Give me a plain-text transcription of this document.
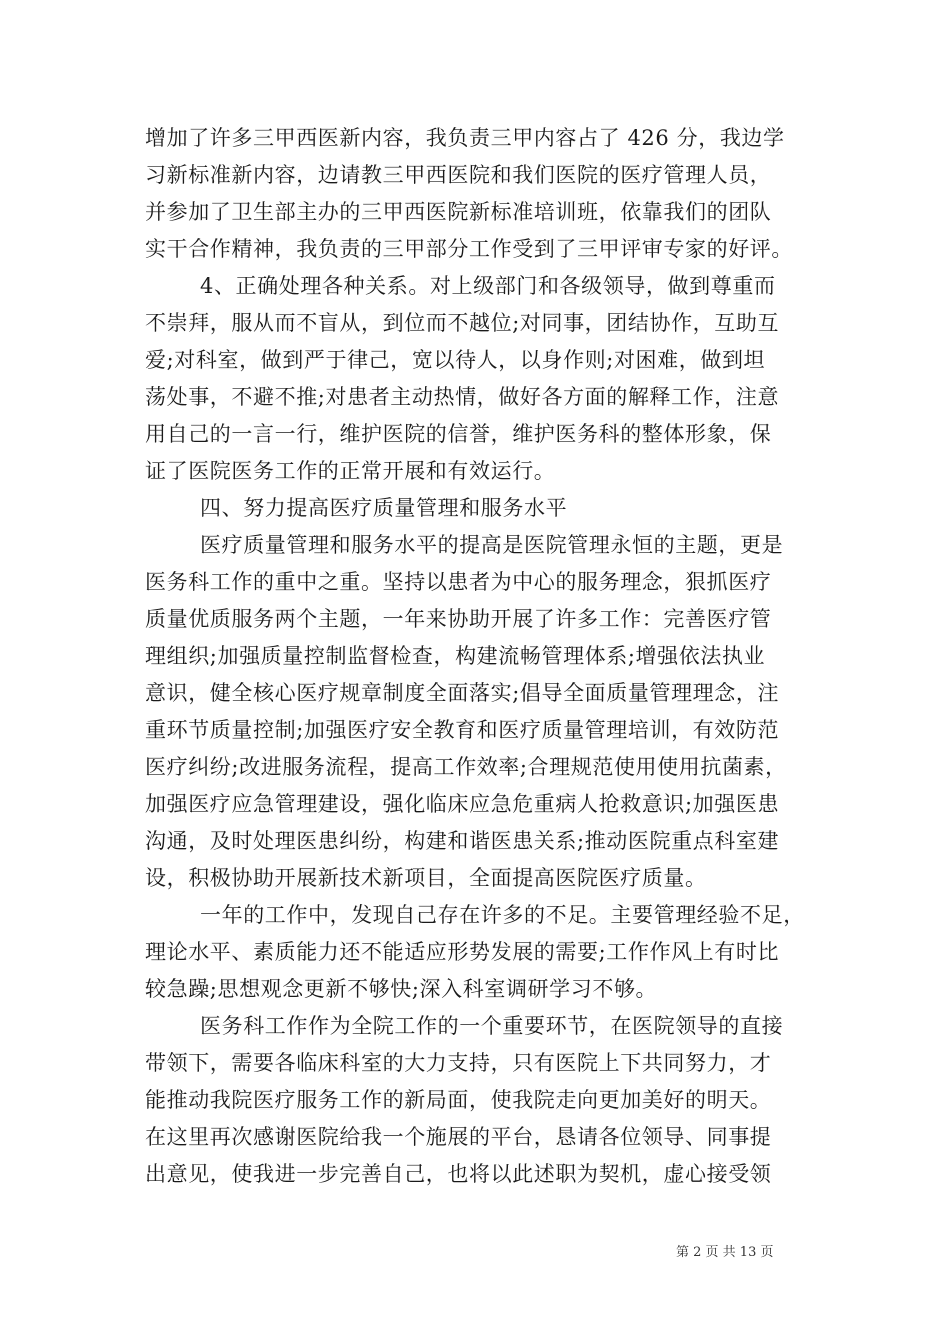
增加了许多三甲西医新内容，我负责三甲内容占了 426 分，我边学
习新标准新内容，边请教三甲西医院和我们医院的医疗管理人员，
并参加了卫生部主办的三甲西医院新标准培训班，依靠我们的团队
实干合作精神，我负责的三甲部分工作受到了三甲评审专家的好评。
4、正确处理各种关系。对上级部门和各级领导，做到尊重而
不崇拜，服从而不盲从，到位而不越位;对同事，团结协作，互助互
爱;对科室，做到严于律己，宽以待人，以身作则;对困难，做到坦
荡处事，不避不推;对患者主动热情，做好各方面的解释工作，注意
用自己的一言一行，维护医院的信誉，维护医务科的整体形象，保
证了医院医务工作的正常开展和有效运行。
四、努力提高医疗质量管理和服务水平
医疗质量管理和服务水平的提高是医院管理永恒的主题，更是
医务科工作的重中之重。坚持以患者为中心的服务理念，狠抓医疗
质量优质服务两个主题，一年来协助开展了许多工作：完善医疗管
理组织;加强质量控制监督检查，构建流畅管理体系;增强依法执业
意识，健全核心医疗规章制度全面落实;倡导全面质量管理理念，注
重环节质量控制;加强医疗安全教育和医疗质量管理培训，有效防范
医疗纠纷;改进服务流程，提高工作效率;合理规范使用使用抗菌素，
加强医疗应急管理建设，强化临床应急危重病人抢救意识;加强医患
沟通，及时处理医患纠纷，构建和谐医患关系;推动医院重点科室建
设，积极协助开展新技术新项目，全面提高医院医疗质量。
一年的工作中，发现自己存在许多的不足。主要管理经验不足，
理论水平、素质能力还不能适应形势发展的需要;工作作风上有时比
较急躁;思想观念更新不够快;深入科室调研学习不够。
医务科工作作为全院工作的一个重要环节，在医院领导的直接
带领下，需要各临床科室的大力支持，只有医院上下共同努力，才
能推动我院医疗服务工作的新局面，使我院走向更加美好的明天。
在这里再次感谢医院给我一个施展的平台，恳请各位领导、同事提
出意见，使我进一步完善自己，也将以此述职为契机，虚心接受领
第 2 页 共 13 页
